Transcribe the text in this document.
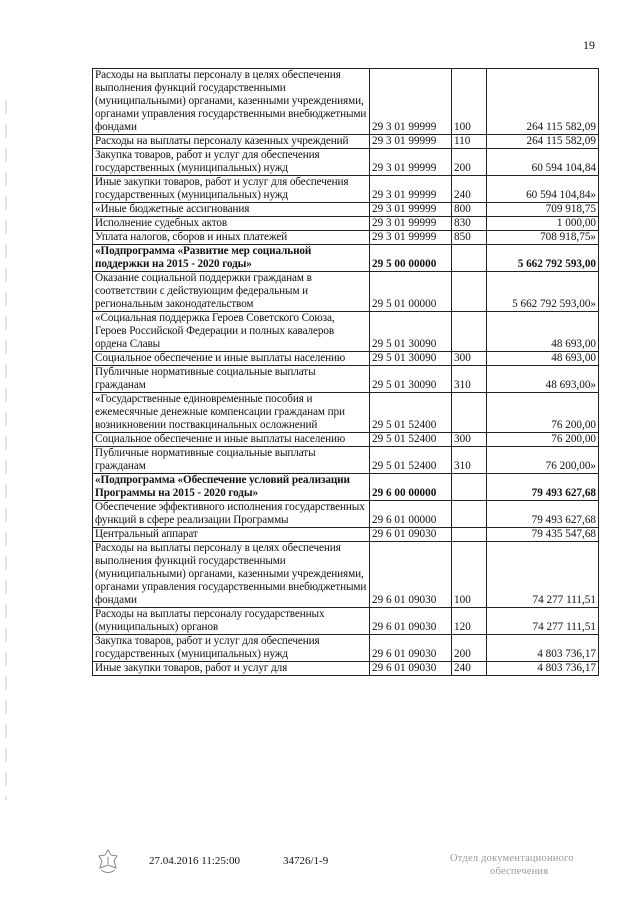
19
Расходы на выплаты персоналу в целях обеспечения выполнения функций государственными (муниципальными) органами, казенными учреждениями, органами управления государственными внебюджетными фондами	29 3 01 99999	100	264 115 582,09
Расходы на выплаты персоналу казенных учреждений	29 3 01 99999	110	264 115 582,09
Закупка товаров, работ и услуг для обеспечения государственных (муниципальных) нужд	29 3 01 99999	200	60 594 104,84
Иные закупки товаров, работ и услуг для обеспечения государственных (муниципальных) нужд	29 3 01 99999	240	60 594 104,84»
«Иные бюджетные ассигнования	29 3 01 99999	800	709 918,75
Исполнение судебных актов	29 3 01 99999	830	1 000,00
Уплата налогов, сборов и иных платежей	29 3 01 99999	850	708 918,75»
«Подпрограмма «Развитие мер социальной поддержки на 2015 - 2020 годы»	29 5 00 00000		5 662 792 593,00
Оказание социальной поддержки гражданам в соответствии с действующим федеральным и региональным законодательством	29 5 01 00000		5 662 792 593,00»
«Социальная поддержка Героев Советского Союза, Героев Российской Федерации и полных кавалеров ордена Славы	29 5 01 30090		48 693,00
Социальное обеспечение и иные выплаты населению	29 5 01 30090	300	48 693,00
Публичные нормативные социальные выплаты гражданам	29 5 01 30090	310	48 693,00»
«Государственные единовременные пособия и ежемесячные денежные компенсации гражданам при возникновении поствакцинальных осложнений	29 5 01 52400		76 200,00
Социальное обеспечение и иные выплаты населению	29 5 01 52400	300	76 200,00
Публичные нормативные социальные выплаты гражданам	29 5 01 52400	310	76 200,00»
«Подпрограмма «Обеспечение условий реализации Программы на 2015 - 2020 годы»	29 6 00 00000		79 493 627,68
Обеспечение эффективного исполнения государственных функций в сфере реализации Программы	29 6 01 00000		79 493 627,68
Центральный аппарат	29 6 01 09030		79 435 547,68
Расходы на выплаты персоналу в целях обеспечения выполнения функций государственными (муниципальными) органами, казенными учреждениями, органами управления государственными внебюджетными фондами	29 6 01 09030	100	74 277 111,51
Расходы на выплаты персоналу государственных (муниципальных) органов	29 6 01 09030	120	74 277 111,51
Закупка товаров, работ и услуг для обеспечения государственных (муниципальных) нужд	29 6 01 09030	200	4 803 736,17
Иные закупки товаров, работ и услуг для	29 6 01 09030	240	4 803 736,17
27.04.2016 11:25:00	34726/1-9	Отдел документационного
обеспечения
